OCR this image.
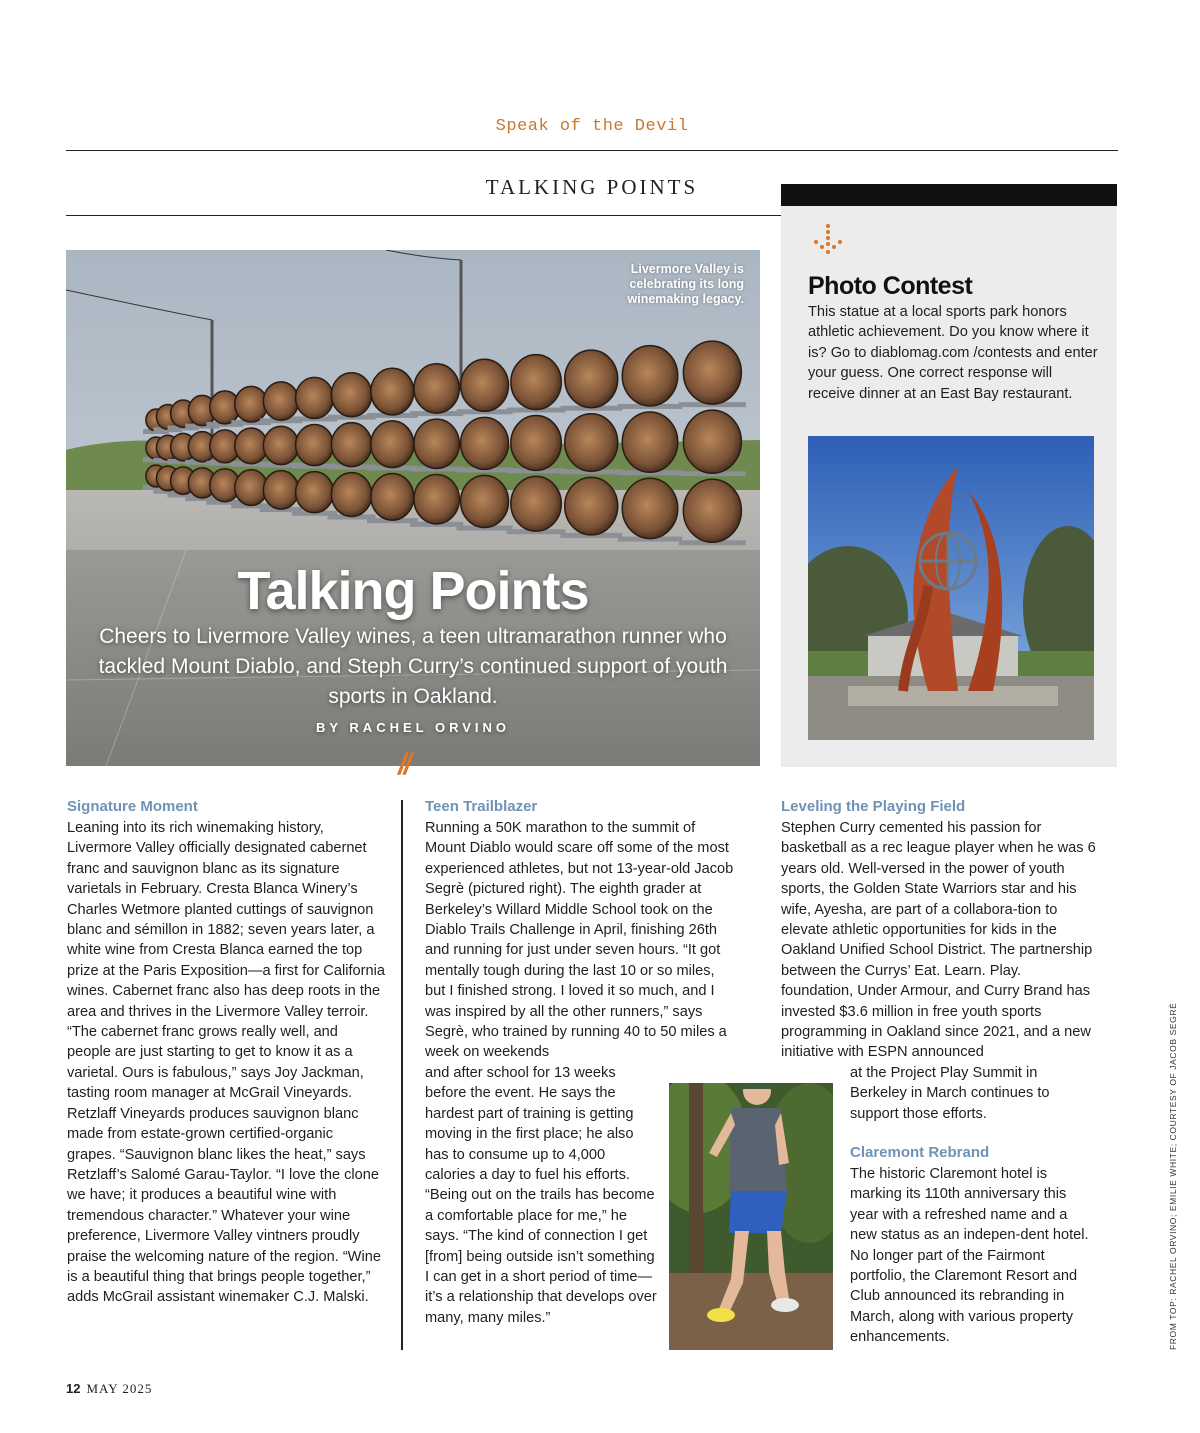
Speak of the Devil
TALKING POINTS
Livermore Valley is celebrating its long winemaking legacy.
Talking Points
Cheers to Livermore Valley wines, a teen ultramarathon runner who tackled Mount Diablo, and Steph Curry’s continued support of youth sports in Oakland.
BY RACHEL ORVINO
//
Photo Contest
This statue at a local sports park honors athletic achievement. Do you know where it is? Go to diablomag.com /contests and enter your guess. One correct response will receive dinner at an East Bay restaurant.
Signature Moment
Leaning into its rich winemaking history, Livermore Valley officially designated cabernet franc and sauvignon blanc as its signature varietals in February. Cresta Blanca Winery’s Charles Wetmore planted cuttings of sauvignon blanc and sémillon in 1882; seven years later, a white wine from Cresta Blanca earned the top prize at the Paris Exposition—a first for California wines. Cabernet franc also has deep roots in the area and thrives in the Livermore Valley terroir. “The cabernet franc grows really well, and people are just starting to get to know it as a varietal. Ours is fabulous,” says Joy Jackman, tasting room manager at McGrail Vineyards. Retzlaff Vineyards produces sauvignon blanc made from estate-grown certified-organic grapes. “Sauvignon blanc likes the heat,” says Retzlaff’s Salomé Garau-Taylor. “I love the clone we have; it produces a beautiful wine with tremendous character.” Whatever your wine preference, Livermore Valley vintners proudly praise the welcoming nature of the region. “Wine is a beautiful thing that brings people together,” adds McGrail assistant winemaker C.J. Malski.
Teen Trailblazer
Running a 50K marathon to the summit of Mount Diablo would scare off some of the most experienced athletes, but not 13-year-old Jacob Segrè (pictured right). The eighth grader at Berkeley’s Willard Middle School took on the Diablo Trails Challenge in April, finishing 26th and running for just under seven hours. “It got mentally tough during the last 10 or so miles, but I finished strong. I loved it so much, and I was inspired by all the other runners,” says Segrè, who trained by running 40 to 50 miles a week on weekends
and after school for 13 weeks before the event. He says the hardest part of training is getting moving in the first place; he also has to consume up to 4,000 calories a day to fuel his efforts. “Being out on the trails has become a comfortable place for me,” he says. “The kind of connection I get [from] being outside isn’t something I can get in a short period of time—it’s a relationship that develops over many, many miles.”
Leveling the Playing Field
Stephen Curry cemented his passion for basketball as a rec league player when he was 6 years old. Well-versed in the power of youth sports, the Golden State Warriors star and his wife, Ayesha, are part of a collabora-tion to elevate athletic opportunities for kids in the Oakland Unified School District. The partnership between the Currys’ Eat. Learn. Play. foundation, Under Armour, and Curry Brand has invested $3.6 million in free youth sports programming in Oakland since 2021, and a new initiative with ESPN announced
at the Project Play Summit in Berkeley in March continues to support those efforts.
Claremont Rebrand
The historic Claremont hotel is marking its 110th anniversary this year with a refreshed name and a new status as an indepen-dent hotel. No longer part of the Fairmont portfolio, the Claremont Resort and Club announced its rebranding in March, along with various property enhancements.	FROM TOP: RACHEL ORVINO; EMILIE WHITE; COURTESY OF JACOB SEGRÈ
12 MAY 2025
